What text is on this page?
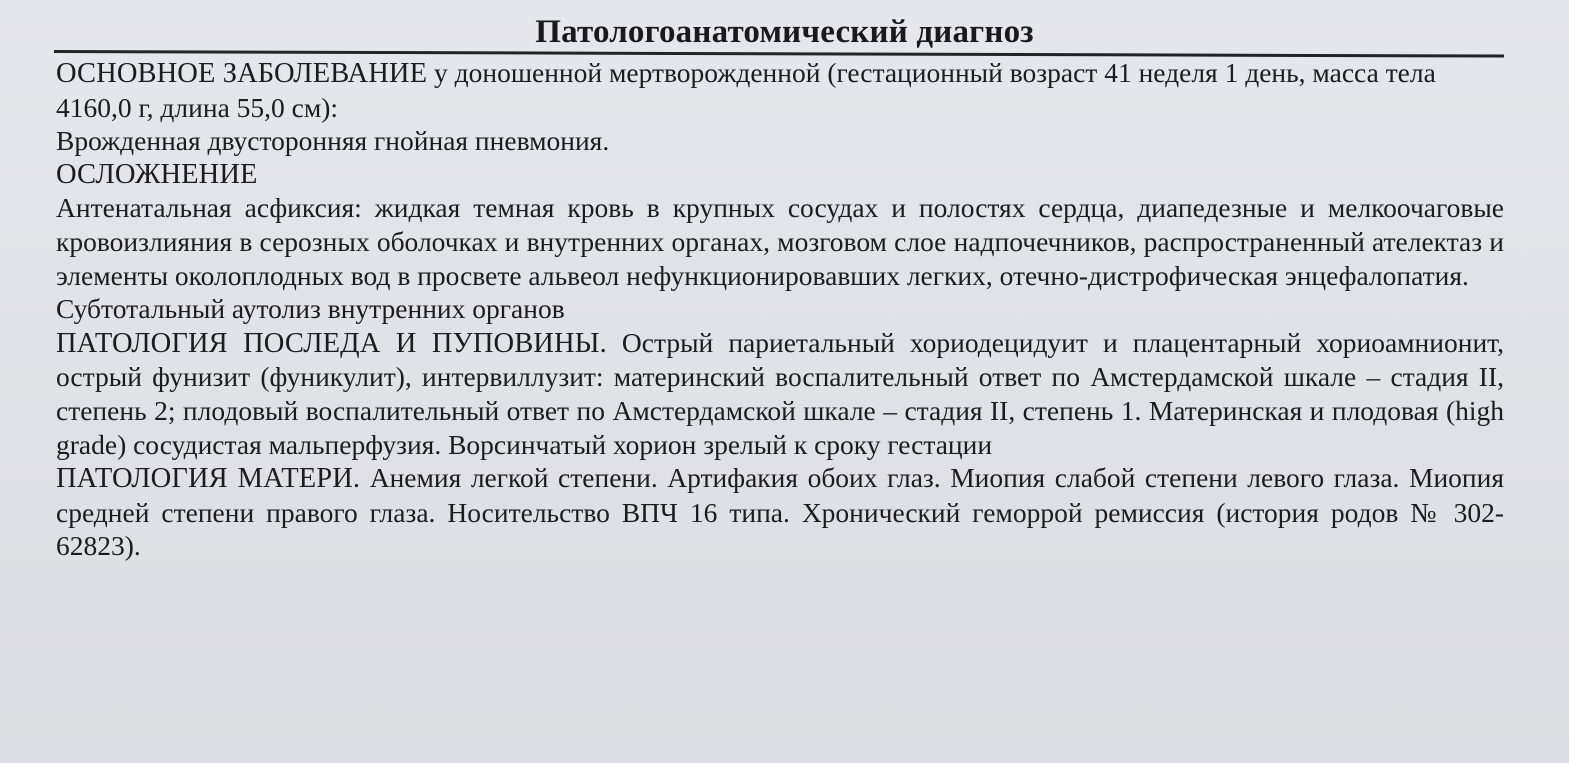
Патологоанатомический диагноз

ОСНОВНОЕ ЗАБОЛЕВАНИЕ у доношенной мертворожденной (гестационный возраст 41 неделя 1 день, масса тела 4160,0 г, длина 55,0 см):

Врожденная двусторонняя гнойная пневмония.

ОСЛОЖНЕНИЕ

Антенатальная асфиксия: жидкая темная кровь в крупных сосудах и полостях сердца, диапедезные и мелкоочаговые кровоизлияния в серозных оболочках и внутренних органах, мозговом слое надпочечников, распространенный ателектаз и элементы околоплодных вод в просвете альвеол нефункционировавших легких, отечно-дистрофическая энцефалопатия.

Субтотальный аутолиз внутренних органов

ПАТОЛОГИЯ ПОСЛЕДА И ПУПОВИНЫ. Острый париетальный хориодецидуит и плацентарный хориоамнионит, острый фунизит (фуникулит), интервиллузит: материнский воспалительный ответ по Амстердамской шкале – стадия II, степень 2; плодовый воспалительный ответ по Амстердамской шкале – стадия II, степень 1. Материнская и плодовая (high grade) сосудистая мальперфузия. Ворсинчатый хорион зрелый к сроку гестации

ПАТОЛОГИЯ МАТЕРИ. Анемия легкой степени. Артифакия обоих глаз. Миопия слабой степени левого глаза. Миопия средней степени правого глаза. Носительство ВПЧ 16 типа. Хронический геморрой ремиссия (история родов № 302-62823).
